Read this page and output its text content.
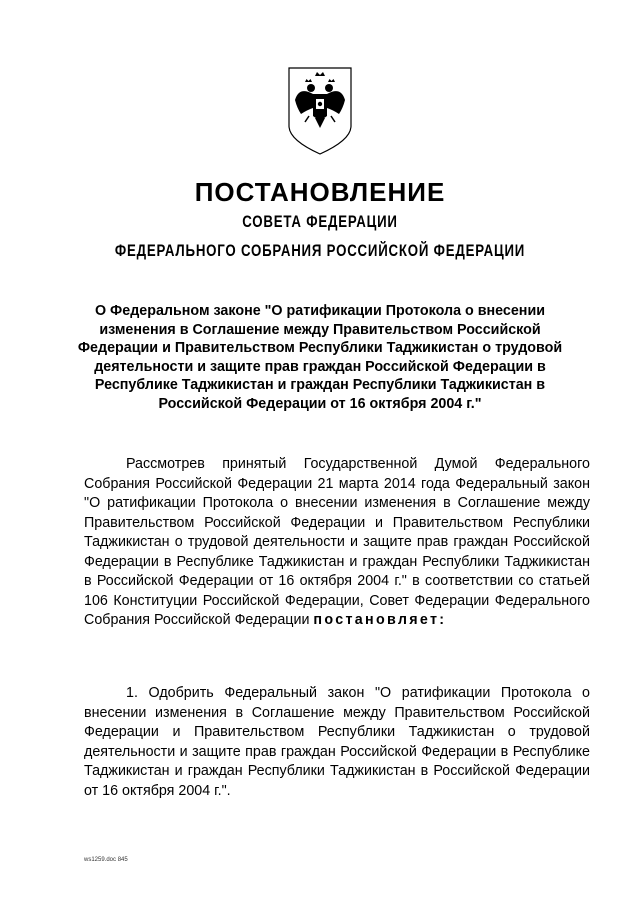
ПОСТАНОВЛЕНИЕ
СОВЕТА ФЕДЕРАЦИИ
ФЕДЕРАЛЬНОГО СОБРАНИЯ РОССИЙСКОЙ ФЕДЕРАЦИИ
О Федеральном законе "О ратификации Протокола о внесении изменения в Соглашение между Правительством Российской Федерации и Правительством Республики Таджикистан о трудовой деятельности и защите прав граждан Российской Федерации в Республике Таджикистан и граждан Республики Таджикистан в Российской Федерации от 16 октября 2004 г."

Рассмотрев принятый Государственной Думой Федерального Собрания Российской Федерации 21 марта 2014 года Федеральный закон "О ратификации Протокола о внесении изменения в Соглашение между Правительством Российской Федерации и Правительством Республики Таджикистан о трудовой деятельности и защите прав граждан Российской Федерации в Республике Таджикистан и граждан Республики Таджикистан в Российской Федерации от 16 октября 2004 г." в соответствии со статьей 106 Конституции Российской Федерации, Совет Федерации Федерального Собрания Российской Федерации постановляет:

1. Одобрить Федеральный закон "О ратификации Протокола о внесении изменения в Соглашение между Правительством Российской Федерации и Правительством Республики Таджикистан о трудовой деятельности и защите прав граждан Российской Федерации в Республике Таджикистан и граждан Республики Таджикистан в Российской Федерации от 16 октября 2004 г.".

ws1259.doc 845
